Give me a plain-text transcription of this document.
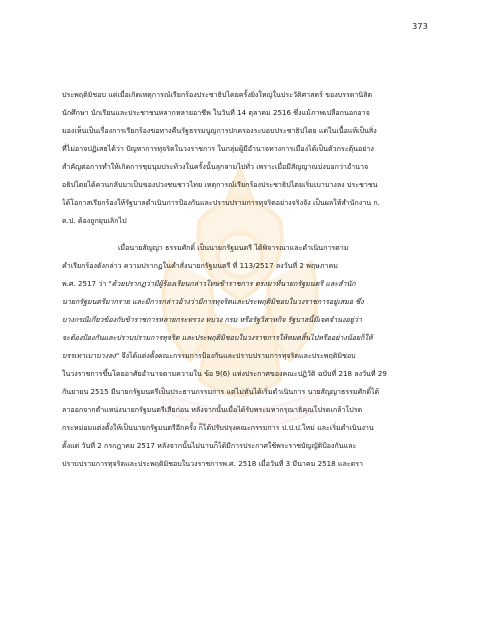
373
ประพฤติมิชอบ แต่เมื่อเกิดเหตุการณ์เรียกร้องประชาธิปไตยครั้งยิ่งใหญ่ในประวัติศาสตร์ ของบรรดานิสิต
นักศึกษา นักเรียนและประชาชนหลากหลายอาชีพ ในวันที่ 14 ตุลาคม 2516 ซึ่งแม้ภาพเปลือกนอกอาจ
มองเห็นเป็นเรื่องการเรียกร้องขอทางคืนรัฐธรรมนูญการปกครองระบอบประชาธิปไตย แต่ในเนื้อแท้เป็นสิ่ง
ที่ไม่อาจปฏิเสธได้ว่า ปัญหาการทุจริตในวงราชการ ในกลุ่มผู้มีอำนาจทางการเมืองได้เป็นตัวกระตุ้นอย่าง
สำคัญต่อการทำให้เกิดการชุมนุมประท้วงในครั้งนั้นลุกลามไปทั่ว เพราะเมื่อมีสัญญาณบ่งบอกว่าอำนาจ
อธิปไตยได้ควนกลับมาเป็นของปวงชนชาวไทย เหตุการณ์เรียกร้องประชาธิปไตยเริ่มเบาบางลง ประชาชน
ได้โอกาสเรียกร้องให้รัฐบาลดำเนินการป้องกันและปราบปรามการทุจริตอย่างจริงจัง เป็นผลให้สำนักงาน ก.
ต.ป. ต้องถูกยุบเลิกไป
เมื่อนายสัญญา ธรรมศักดิ์ เป็นนายกรัฐมนตรี ได้พิจารณาและดำเนินการตาม
คำเรียกร้องดังกล่าว ความปรากฏในคำสั่งนายกรัฐมนตรี ที่ 113/2517 ลงวันที่ 2 พฤษภาคม
พ.ศ. 2517 ว่า "ด้วยปรากฏว่ามีผู้ร้องเรียนกล่าวโทษข้าราชการ ตรงมาที่นายกรัฐมนตรี และสำนัก
นายกรัฐมนตรีมากราย และมีการกล่าวอ้างว่ามีการทุจริตและประพฤติมิชอบในวงราชการอยู่เสมอ ซึ่ง
บางกรณีเกี่ยวข้องกับข้าราชการหลายกระทรวง ทบวง กรม หรือรัฐวิสาหกิจ รัฐบาลนี้มีเจตจำนงอยู่ว่า
จะต้องป้องกันและปราบปรามการทุจริต และประพฤติมิชอบในวงราชการให้หมดสิ้นไปหรืออย่างน้อยก็ให้
บรรเทาเบาบางลง" จึงได้แต่งตั้งคณะกรรมการป้องกันและปราบปรามการทุจริตและประพฤติมิชอบ
ในวงราชการขึ้นโดยอาศัยอำนาจตามความใน ข้อ 9(6) แห่งประกาศของคณะปฏิวัติ ฉบับที่ 218 ลงวันที่ 29
กันยายน 2515 มีนายกรัฐมนตรีเป็นประธานกรรมการ แต่ไม่ทันได้เริ่มดำเนินการ นายสัญญาธรรมศักดิ์ได้
ลาออกจากตำแหน่งนายกรัฐมนตรีเสียก่อน หลังจากนั้นเมื่อได้รับพระมหากรุณาธิคุณโปรดเกล้าโปรด
กระหม่อมแต่งตั้งให้เป็นนายกรัฐมนตรีอีกครั้ง ก็ได้ปรับปรุงคณะกรรมการ ป.ป.ป.ใหม่ และเริ่มดำเนินงาน
ตั้งแต่ วันที่ 2 กรกฎาคม 2517 หลังจากนั้นไม่นานก็ได้มีการประกาศใช้พระราชบัญญัติป้องกันและ
ปราบปรามการทุจริตและประพฤติมิชอบในวงราชการพ.ศ. 2518 เมื่อวันที่ 3 มีนาคม 2518 และตรา
